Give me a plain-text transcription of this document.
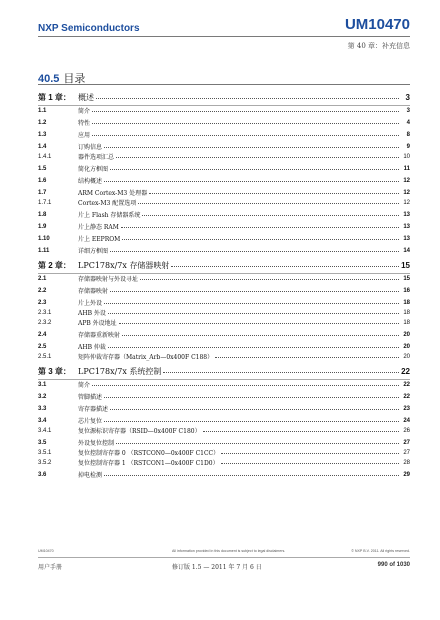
NXP Semiconductors	UM10470
第 40 章：补充信息
40.5 目录
第 1 章： 概述	3
1.1	简介	3
1.2	特性	4
1.3	应用	8
1.4	订购信息	9
1.4.1	器件选项汇总	10
1.5	简化方框图	11
1.6	结构概述	12
1.7	ARM Cortex-M3 处理器	12
1.7.1	Cortex-M3 配置选项	12
1.8	片上 Flash 存储器系统	13
1.9	片上静态 RAM	13
1.10	片上 EEPROM	13
1.11	详细方框图	14
第 2 章： LPC178x/7x 存储器映射	15
2.1	存储器映射与外设寻址	15
2.2	存储器映射	16
2.3	片上外设	18
2.3.1	AHB 外设	18
2.3.2	APB 外设地址	18
2.4	存储器重新映射	20
2.5	AHB 仲裁	20
2.5.1	矩阵仲裁寄存器（Matrix_Arb—0x400F C188）	20
第 3 章： LPC178x/7x 系统控制	22
3.1	简介	22
3.2	管脚描述	22
3.3	寄存器描述	23
3.4	芯片复位	24
3.4.1	复位源标识寄存器（RSID—0x400F C180）	26
3.5	外设复位控制	27
3.5.1	复位控制寄存器 0 （RSTCON0—0x400F C1CC）	27
3.5.2	复位控制寄存器 1 （RSTCON1—0x400F C1D0）	28
3.6	掉电检测	29
UM10470	All information provided in this document is subject to legal disclaimers.	© NXP B.V. 2011. All rights reserved.
用户手册	修订版 1.5 — 2011 年 7 月 6 日	990 of 1030
